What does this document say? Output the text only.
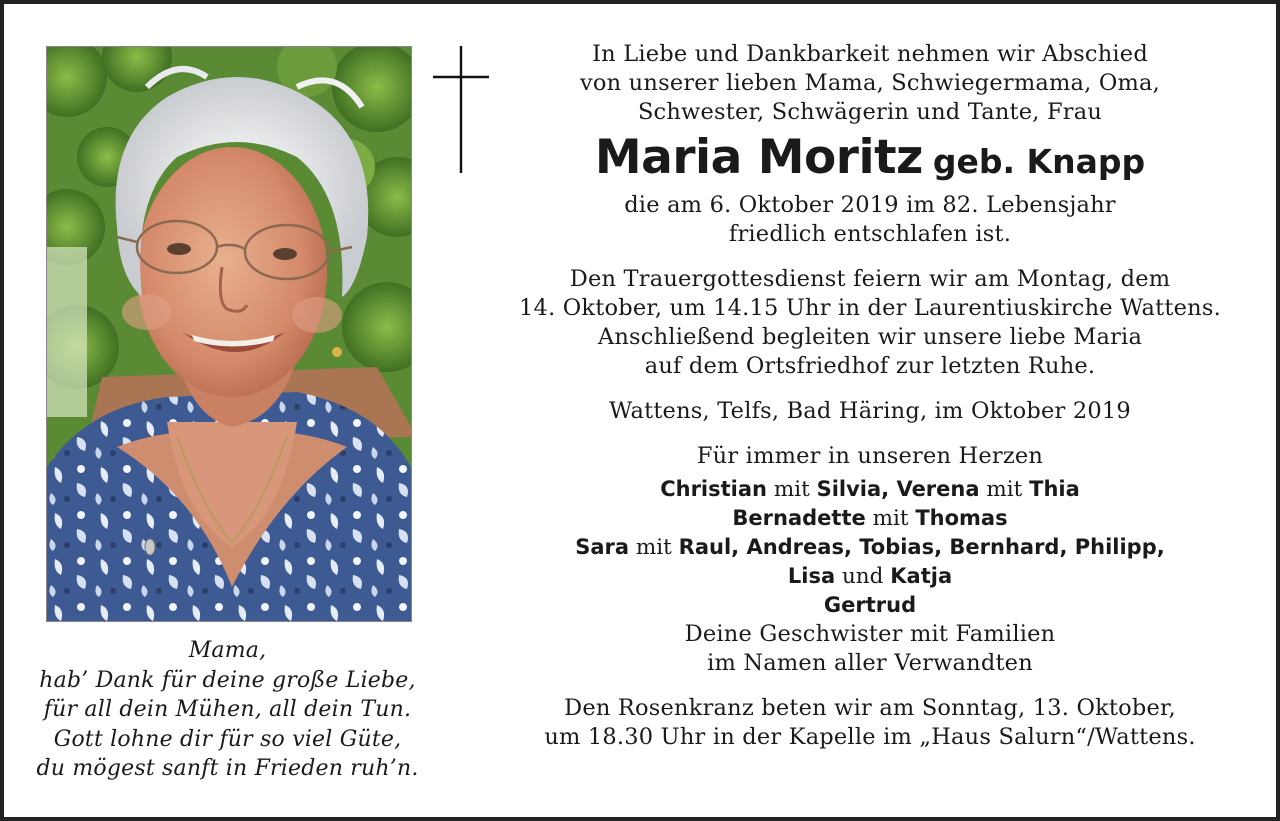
In Liebe und Dankbarkeit nehmen wir Abschied
von unserer lieben Mama, Schwiegermama, Oma,
Schwester, Schwägerin und Tante, Frau
Maria Moritz geb. Knapp
die am 6. Oktober 2019 im 82. Lebensjahr
friedlich entschlafen ist.
Den Trauergottesdienst feiern wir am Montag, dem
14. Oktober, um 14.15 Uhr in der Laurentiuskirche Wattens.
Anschließend begleiten wir unsere liebe Maria
auf dem Ortsfriedhof zur letzten Ruhe.
Wattens, Telfs, Bad Häring, im Oktober 2019
Für immer in unseren Herzen
Christian mit Silvia, Verena mit Thia
Bernadette mit Thomas
Sara mit Raul, Andreas, Tobias, Bernhard, Philipp,
Lisa und Katja
Gertrud
Deine Geschwister mit Familien
im Namen aller Verwandten
Den Rosenkranz beten wir am Sonntag, 13. Oktober,
um 18.30 Uhr in der Kapelle im „Haus Salurn“/Wattens.
Mama,
hab’ Dank für deine große Liebe,
für all dein Mühen, all dein Tun.
Gott lohne dir für so viel Güte,
du mögest sanft in Frieden ruh’n.
